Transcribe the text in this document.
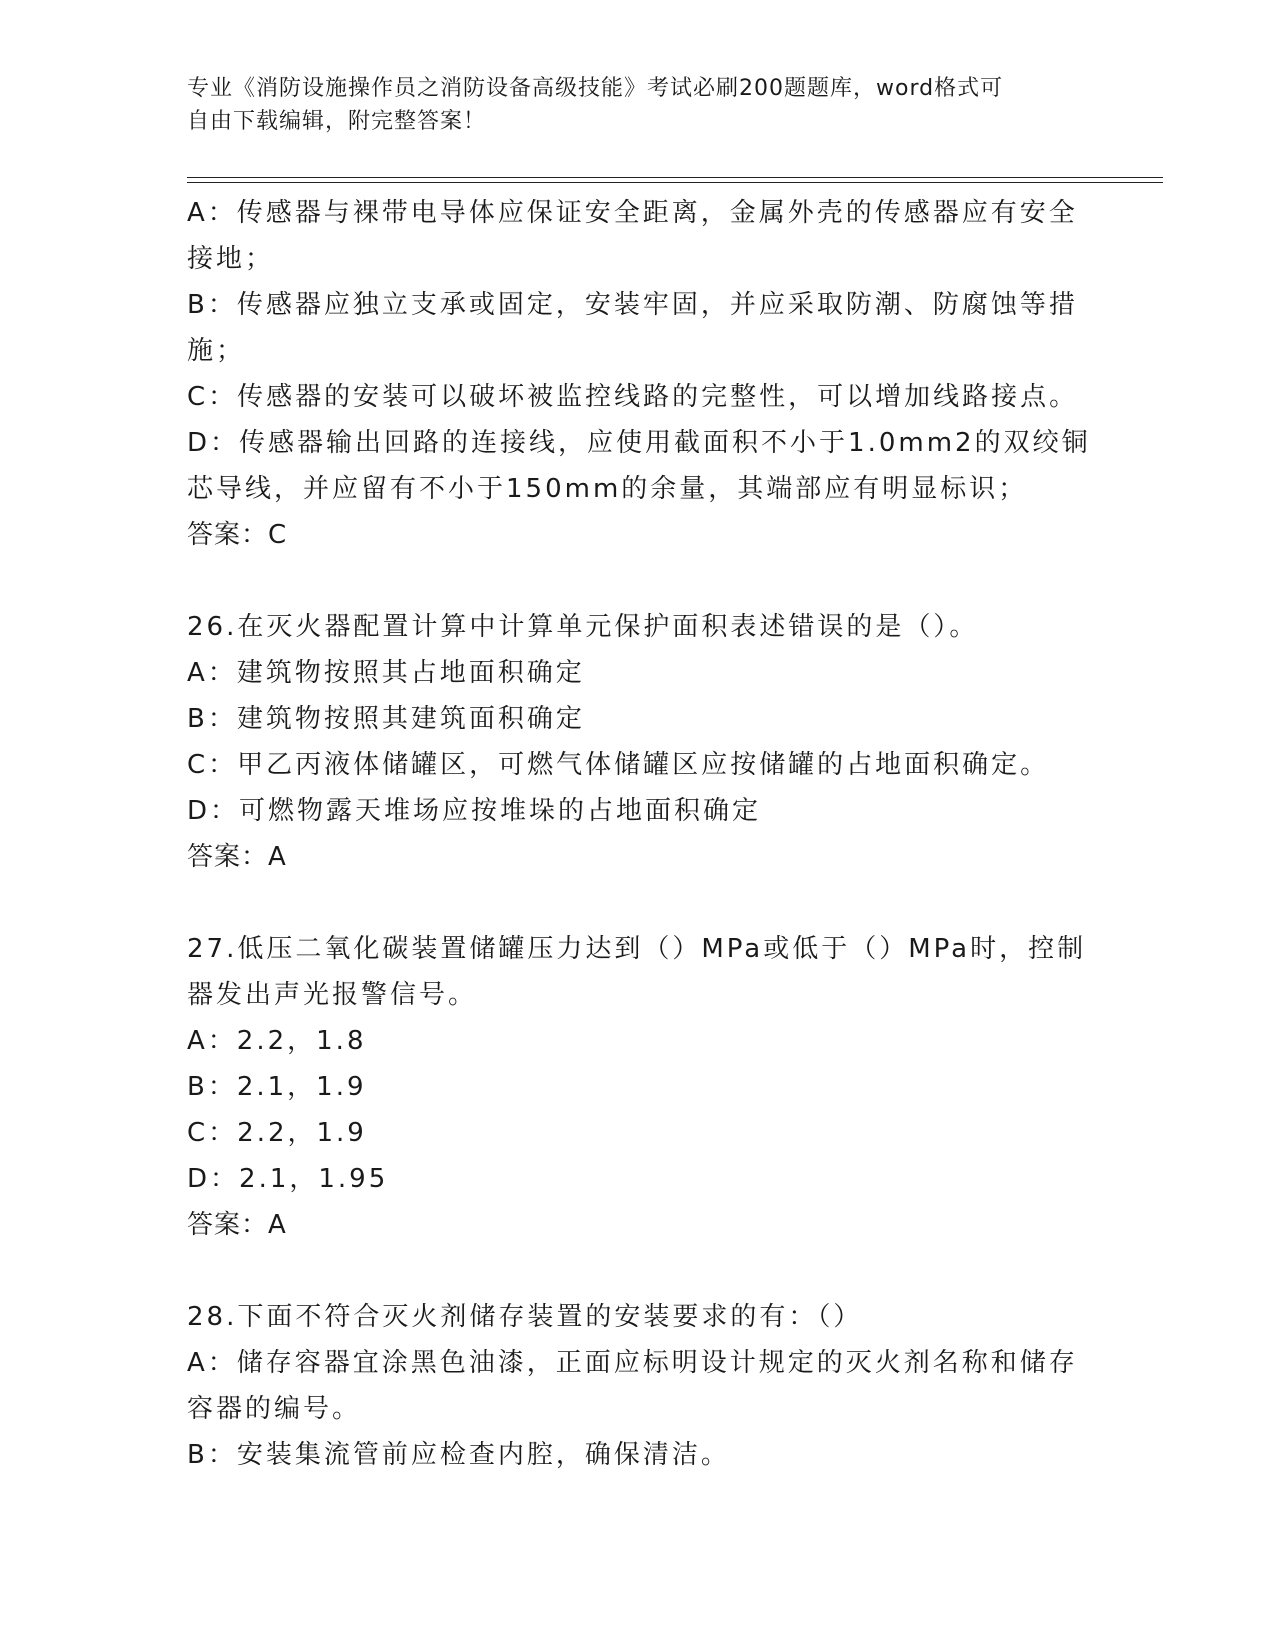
专业《消防设施操作员之消防设备高级技能》考试必刷200题题库，word格式可
自由下载编辑，附完整答案！
A：传感器与裸带电导体应保证安全距离，金属外壳的传感器应有安全
接地；
B：传感器应独立支承或固定，安装牢固，并应采取防潮、防腐蚀等措
施；
C：传感器的安装可以破坏被监控线路的完整性，可以增加线路接点。
D：传感器输出回路的连接线，应使用截面积不小于1.0mm2的双绞铜
芯导线，并应留有不小于150mm的余量，其端部应有明显标识；
答案：C
26.在灭火器配置计算中计算单元保护面积表述错误的是（）。
A：建筑物按照其占地面积确定
B：建筑物按照其建筑面积确定
C：甲乙丙液体储罐区，可燃气体储罐区应按储罐的占地面积确定。
D：可燃物露天堆场应按堆垛的占地面积确定
答案：A
27.低压二氧化碳装置储罐压力达到（）MPa或低于（）MPa时，控制
器发出声光报警信号。
A：2.2，1.8
B：2.1，1.9
C：2.2，1.9
D：2.1，1.95
答案：A
28.下面不符合灭火剂储存装置的安装要求的有：（）
A：储存容器宜涂黑色油漆，正面应标明设计规定的灭火剂名称和储存
容器的编号。
B：安装集流管前应检查内腔，确保清洁。
